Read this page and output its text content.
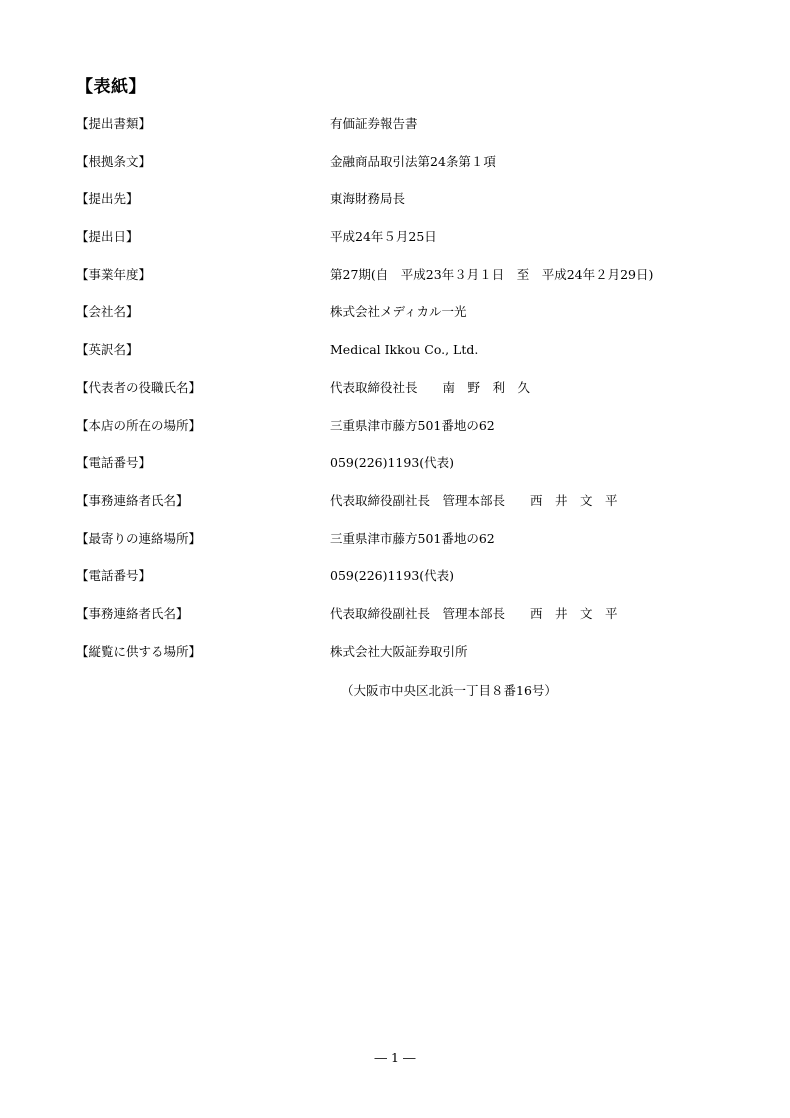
【表紙】
【提出書類】	有価証券報告書
【根拠条文】	金融商品取引法第24条第１項
【提出先】	東海財務局長
【提出日】	平成24年５月25日
【事業年度】	第27期(自　平成23年３月１日　至　平成24年２月29日)
【会社名】	株式会社メディカル一光
【英訳名】	Medical Ikkou Co., Ltd.
【代表者の役職氏名】	代表取締役社長　　南　野　利　久
【本店の所在の場所】	三重県津市藤方501番地の62
【電話番号】	059(226)1193(代表)
【事務連絡者氏名】	代表取締役副社長　管理本部長　　西　井　文　平
【最寄りの連絡場所】	三重県津市藤方501番地の62
【電話番号】	059(226)1193(代表)
【事務連絡者氏名】	代表取締役副社長　管理本部長　　西　井　文　平
【縦覧に供する場所】	株式会社大阪証券取引所
（大阪市中央区北浜一丁目８番16号）
― 1 ―
